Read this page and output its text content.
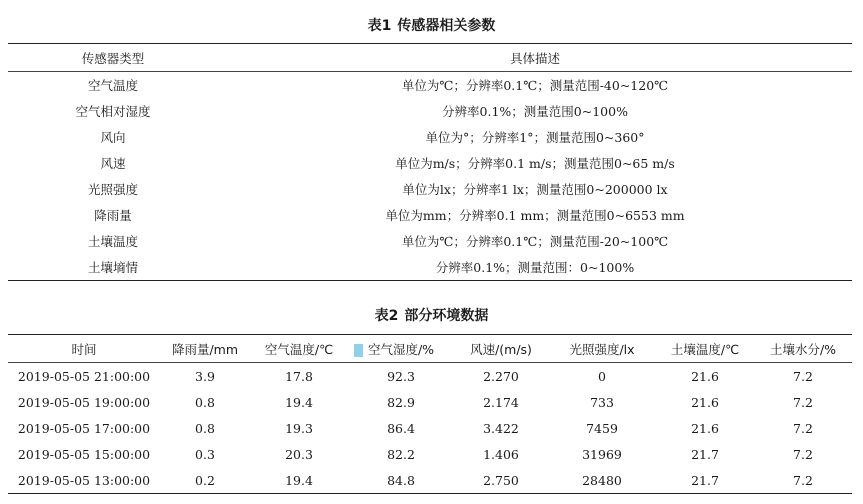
表1 传感器相关参数
传感器类型	具体描述
空气温度	单位为℃；分辨率0.1℃；测量范围-40~120℃
空气相对湿度	分辨率0.1%；测量范围0~100%
风向	单位为°；分辨率1°；测量范围0~360°
风速	单位为m/s；分辨率0.1 m/s；测量范围0~65 m/s
光照强度	单位为lx；分辨率1 lx；测量范围0~200000 lx
降雨量	单位为mm；分辨率0.1 mm；测量范围0~6553 mm
土壤温度	单位为℃；分辨率0.1℃；测量范围-20~100℃
土壤墒情	分辨率0.1%；测量范围：0~100%
表2 部分环境数据
时间	降雨量/mm	空气温度/℃	空气湿度/%	风速/(m/s)	光照强度/lx	土壤温度/℃	土壤水分/%
2019-05-05 21:00:00	3.9	17.8	92.3	2.270	0	21.6	7.2
2019-05-05 19:00:00	0.8	19.4	82.9	2.174	733	21.6	7.2
2019-05-05 17:00:00	0.8	19.3	86.4	3.422	7459	21.6	7.2
2019-05-05 15:00:00	0.3	20.3	82.2	1.406	31969	21.7	7.2
2019-05-05 13:00:00	0.2	19.4	84.8	2.750	28480	21.7	7.2
